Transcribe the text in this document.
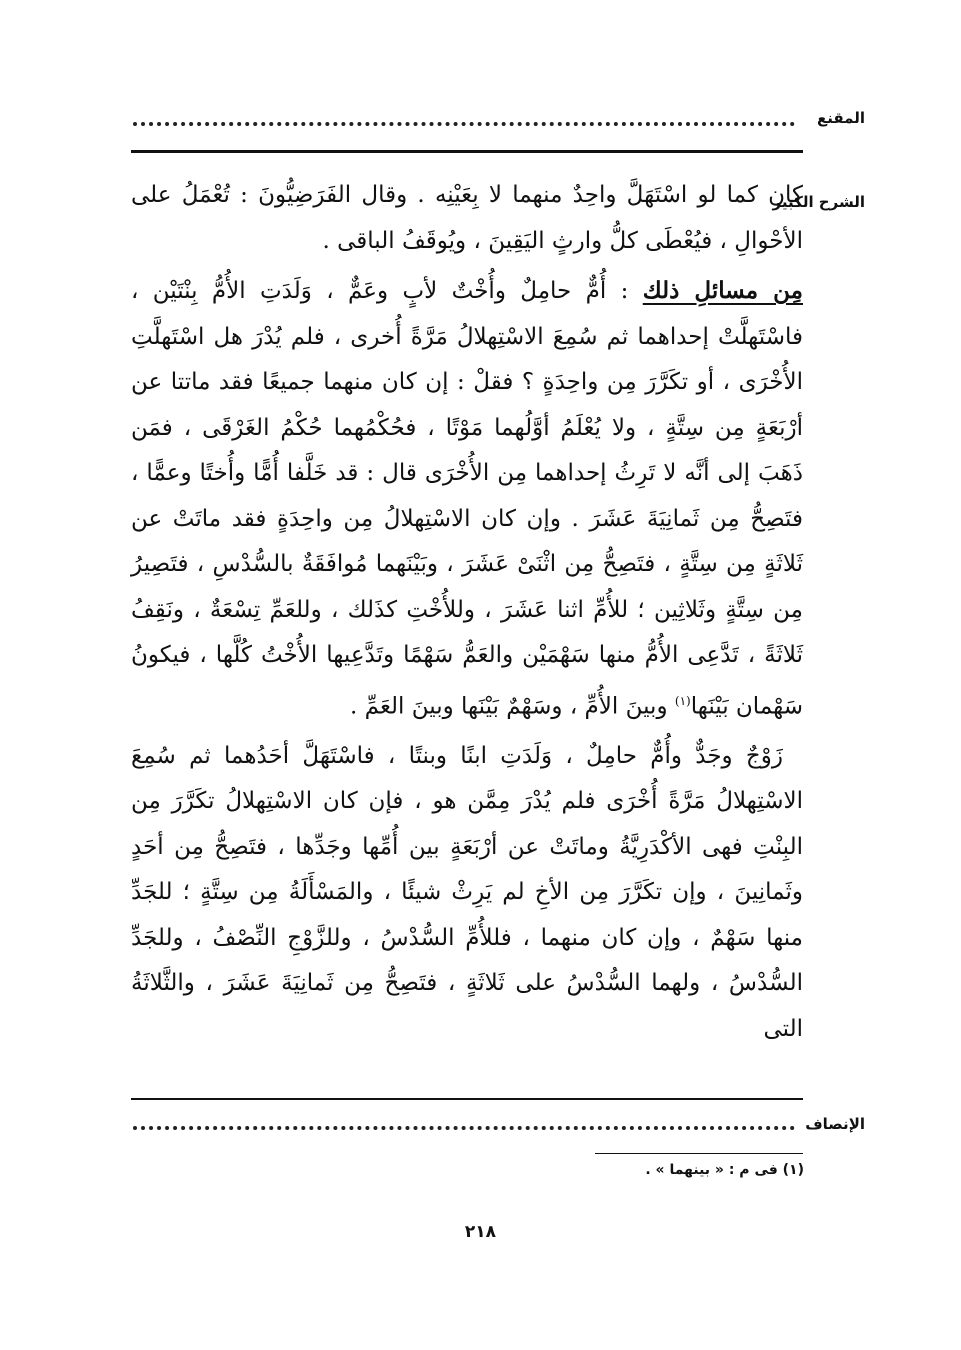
المقنع
الشرح الكبير

كان كما لو اسْتَهَلَّ واحِدٌ منهما لا بِعَيْنِه . وقال الفَرَضِيُّونَ : تُعْمَلُ على الأحْوالِ ، فيُعْطَى كلُّ وارثٍ اليَقِينَ ، ويُوقَفُ الباقى .

مِن مسائلِ ذلك : أُمٌّ حامِلٌ وأُخْتٌ لأبٍ وعَمٌّ ، وَلَدَتِ الأُمُّ بِنْتَيْن ، فاسْتَهلَّتْ إحداهما ثم سُمِعَ الاسْتِهلالُ مَرَّةً أُخرى ، فلم يُدْرَ هل اسْتَهلَّتِ الأُخْرَى ، أو تكَرَّرَ مِن واحِدَةٍ ؟ فقلْ : إن كان منهما جميعًا فقد ماتتا عن أرْبَعَةٍ مِن سِتَّةٍ ، ولا يُعْلَمُ أوَّلُهما مَوْتًا ، فحُكْمُهما حُكْمُ الغَرْقَى ، فمَن ذَهَبَ إلى أنَّه لا تَرِثُ إحداهما مِن الأُخْرَى قال : قد خَلَّفا أُمًّا وأُختًا وعمًّا ، فتَصِحُّ مِن ثَمانِيَةَ عَشَرَ . وإن كان الاسْتِهلالُ مِن واحِدَةٍ فقد ماتَتْ عن ثَلاثَةٍ مِن سِتَّةٍ ، فتَصِحُّ مِن اثْنَىْ عَشَرَ ، وبَيْنَهما مُوافَقَةٌ بالسُّدْسِ ، فتَصِيرُ مِن سِتَّةٍ وثَلاثِين ؛ للأُمِّ اثنا عَشَرَ ، وللأُخْتِ كذَلك ، وللعَمِّ تِسْعَةٌ ، ونَقِفُ ثَلاثَةً ، تَدَّعِى الأُمُّ منها سَهْمَيْن والعَمُّ سَهْمًا وتَدَّعِيها الأُخْتُ كُلَّها ، فيكونُ سَهْمان بَيْنَها$^{(١)}$ وبينَ الأُمِّ ، وسَهْمٌ بَيْنَها وبينَ العَمِّ .

زَوْجٌ وجَدٌّ وأُمٌّ حامِلٌ ، وَلَدَتِ ابنًا وبنتًا ، فاسْتَهَلَّ أحَدُهما ثم سُمِعَ الاسْتِهلالُ مَرَّةً أُخْرَى فلم يُدْرَ مِمَّن هو ، فإن كان الاسْتِهلالُ تكَرَّرَ مِن البِنْتِ فهى الأكْدَرِيَّةُ وماتَتْ عن أرْبَعَةٍ بين أُمِّها وجَدِّها ، فتَصِحُّ مِن أحَدٍ وثَمانِينَ ، وإن تكَرَّرَ مِن الأخِ لم يَرِثْ شيئًا ، والمَسْأَلَةُ مِن سِتَّةٍ ؛ للجَدِّ منها سَهْمٌ ، وإن كان منهما ، فللأُمِّ السُّدْسُ ، وللزَّوْجِ النِّصْفُ ، وللجَدِّ السُّدْسُ ، ولهما السُّدْسُ على ثَلاثَةٍ ، فتَصِحُّ مِن ثَمانِيَةَ عَشَرَ ، والثَّلاثَةُ التى

الإنصاف
(١) فى م : « بينهما » .
٢١٨
